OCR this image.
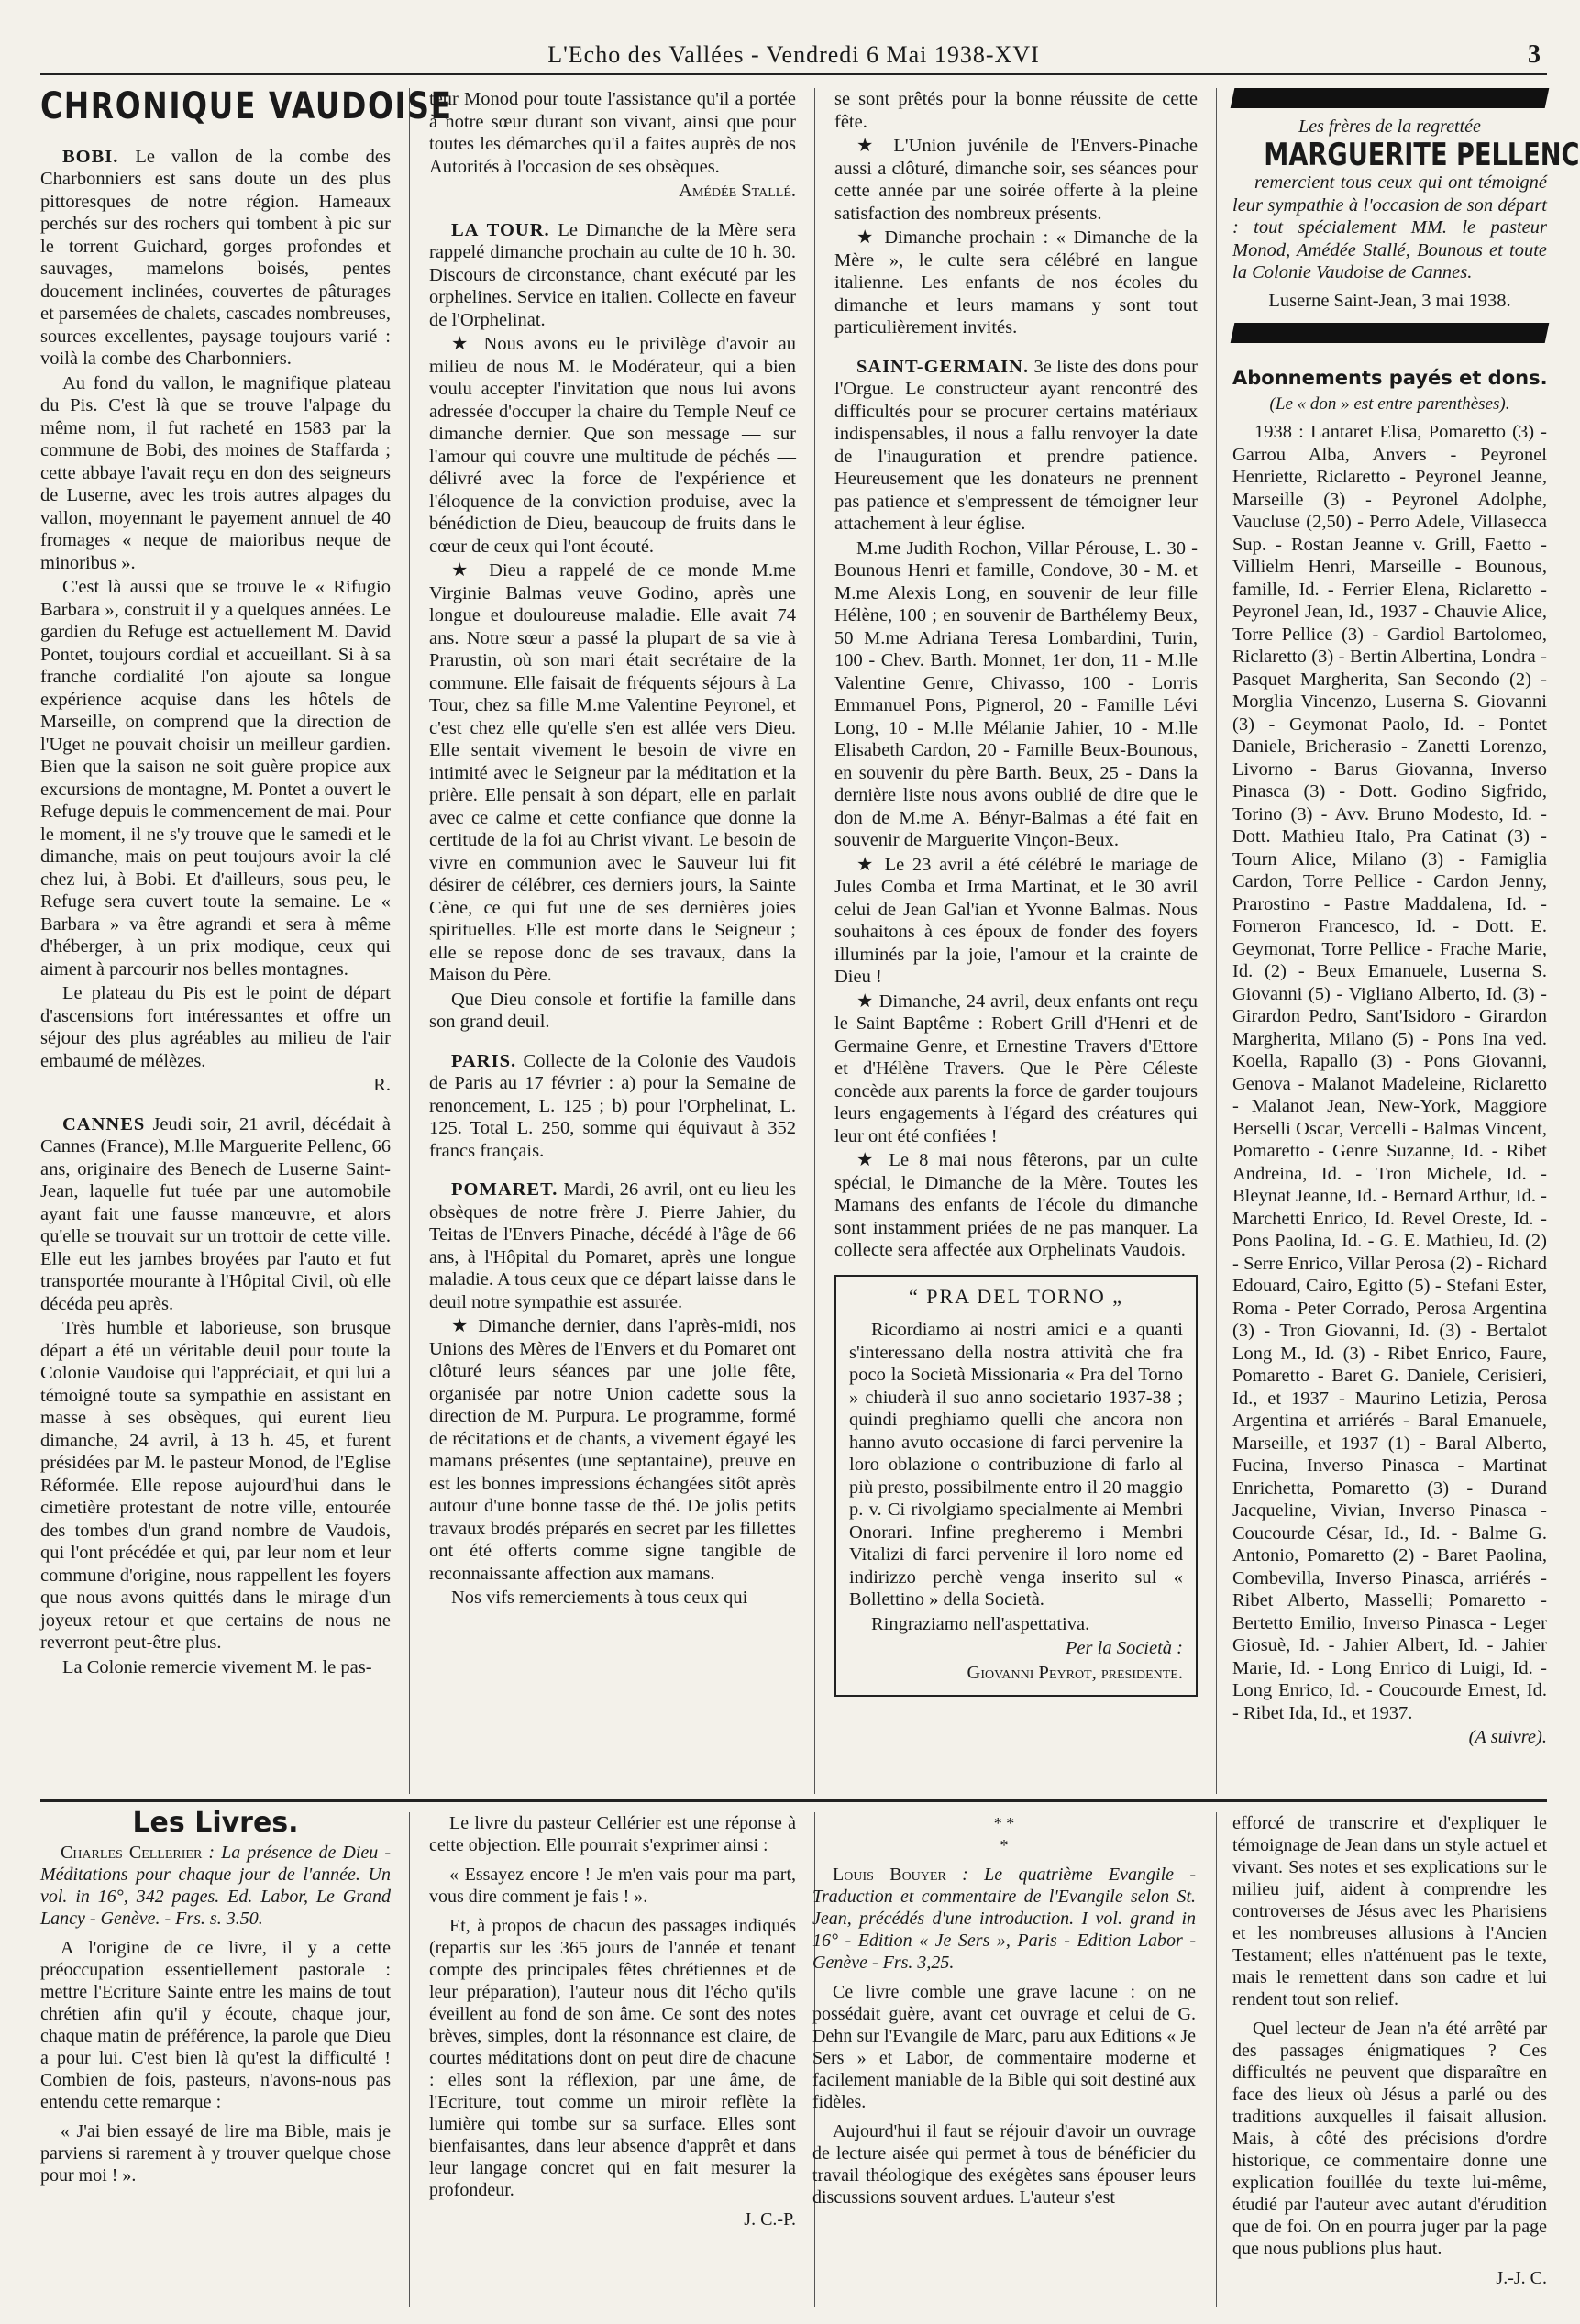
L'Echo des Vallées - Vendredi 6 Mai 1938-XVI	3
CHRONIQUE VAUDOISE

BOBI. Le vallon de la combe des Charbonniers est sans doute un des plus pittoresques de notre région. Hameaux perchés sur des rochers qui tombent à pic sur le torrent Guichard, gorges profondes et sauvages, mamelons boisés, pentes doucement inclinées, couvertes de pâturages et parsemées de chalets, cascades nombreuses, sources excellentes, paysage toujours varié : voilà la combe des Charbonniers.

Au fond du vallon, le magnifique plateau du Pis. C'est là que se trouve l'alpage du même nom, il fut racheté en 1583 par la commune de Bobi, des moines de Staffarda ; cette abbaye l'avait reçu en don des seigneurs de Luserne, avec les trois autres alpages du vallon, moyennant le payement annuel de 40 fromages « neque de maioribus neque de minoribus ».

C'est là aussi que se trouve le « Rifugio Barbara », construit il y a quelques années. Le gardien du Refuge est actuellement M. David Pontet, toujours cordial et accueillant. Si à sa franche cordialité l'on ajoute sa longue expérience acquise dans les hôtels de Marseille, on comprend que la direction de l'Uget ne pouvait choisir un meilleur gardien. Bien que la saison ne soit guère propice aux excursions de montagne, M. Pontet a ouvert le Refuge depuis le commencement de mai. Pour le moment, il ne s'y trouve que le samedi et le dimanche, mais on peut toujours avoir la clé chez lui, à Bobi. Et d'ailleurs, sous peu, le Refuge sera cuvert toute la semaine. Le « Barbara » va être agrandi et sera à même d'héberger, à un prix modique, ceux qui aiment à parcourir nos belles montagnes.

Le plateau du Pis est le point de départ d'ascensions fort intéressantes et offre un séjour des plus agréables au milieu de l'air embaumé de mélèzes.

R.

CANNES Jeudi soir, 21 avril, décédait à Cannes (France), M.lle Marguerite Pellenc, 66 ans, originaire des Benech de Luserne Saint-Jean, laquelle fut tuée par une automobile ayant fait une fausse manœuvre, et alors qu'elle se trouvait sur un trottoir de cette ville. Elle eut les jambes broyées par l'auto et fut transportée mourante à l'Hôpital Civil, où elle décéda peu après.

Très humble et laborieuse, son brusque départ a été un véritable deuil pour toute la Colonie Vaudoise qui l'appréciait, et qui lui a témoigné toute sa sympathie en assistant en masse à ses obsèques, qui eurent lieu dimanche, 24 avril, à 13 h. 45, et furent présidées par M. le pasteur Monod, de l'Eglise Réformée. Elle repose aujourd'hui dans le cimetière protestant de notre ville, entourée des tombes d'un grand nombre de Vaudois, qui l'ont précédée et qui, par leur nom et leur commune d'origine, nous rappellent les foyers que nous avons quittés dans le mirage d'un joyeux retour et que certains de nous ne reverront peut-être plus.

La Colonie remercie vivement M. le pas-

teur Monod pour toute l'assistance qu'il a portée à notre sœur durant son vivant, ainsi que pour toutes les démarches qu'il a faites auprès de nos Autorités à l'occasion de ses obsèques.

Amédée Stallé.

LA TOUR. Le Dimanche de la Mère sera rappelé dimanche prochain au culte de 10 h. 30. Discours de circonstance, chant exécuté par les orphelines. Service en italien. Collecte en faveur de l'Orphelinat.

★ Nous avons eu le privilège d'avoir au milieu de nous M. le Modérateur, qui a bien voulu accepter l'invitation que nous lui avons adressée d'occuper la chaire du Temple Neuf ce dimanche dernier. Que son message — sur l'amour qui couvre une multitude de péchés — délivré avec la force de l'expérience et l'éloquence de la conviction produise, avec la bénédiction de Dieu, beaucoup de fruits dans le cœur de ceux qui l'ont écouté.

★ Dieu a rappelé de ce monde M.me Virginie Balmas veuve Godino, après une longue et douloureuse maladie. Elle avait 74 ans. Notre sœur a passé la plupart de sa vie à Prarustin, où son mari était secrétaire de la commune. Elle faisait de fréquents séjours à La Tour, chez sa fille M.me Valentine Peyronel, et c'est chez elle qu'elle s'en est allée vers Dieu. Elle sentait vivement le besoin de vivre en intimité avec le Seigneur par la méditation et la prière. Elle pensait à son départ, elle en parlait avec ce calme et cette confiance que donne la certitude de la foi au Christ vivant. Le besoin de vivre en communion avec le Sauveur lui fit désirer de célébrer, ces derniers jours, la Sainte Cène, ce qui fut une de ses dernières joies spirituelles. Elle est morte dans le Seigneur ; elle se repose donc de ses travaux, dans la Maison du Père.

Que Dieu console et fortifie la famille dans son grand deuil.

PARIS. Collecte de la Colonie des Vaudois de Paris au 17 février : a) pour la Semaine de renoncement, L. 125 ; b) pour l'Orphelinat, L. 125. Total L. 250, somme qui équivaut à 352 francs français.

POMARET. Mardi, 26 avril, ont eu lieu les obsèques de notre frère J. Pierre Jahier, du Teitas de l'Envers Pinache, décédé à l'âge de 66 ans, à l'Hôpital du Pomaret, après une longue maladie. A tous ceux que ce départ laisse dans le deuil notre sympathie est assurée.

★ Dimanche dernier, dans l'après-midi, nos Unions des Mères de l'Envers et du Pomaret ont clôturé leurs séances par une jolie fête, organisée par notre Union cadette sous la direction de M. Purpura. Le programme, formé de récitations et de chants, a vivement égayé les mamans présentes (une septantaine), preuve en est les bonnes impressions échangées sitôt après autour d'une bonne tasse de thé. De jolis petits travaux brodés préparés en secret par les fillettes ont été offerts comme signe tangible de reconnaissante affection aux mamans.

Nos vifs remerciements à tous ceux qui

se sont prêtés pour la bonne réussite de cette fête.

★ L'Union juvénile de l'Envers-Pinache aussi a clôturé, dimanche soir, ses séances pour cette année par une soirée offerte à la pleine satisfaction des nombreux présents.

★ Dimanche prochain : « Dimanche de la Mère », le culte sera célébré en langue italienne. Les enfants de nos écoles du dimanche et leurs mamans y sont tout particulièrement invités.

SAINT-GERMAIN. 3e liste des dons pour l'Orgue. Le constructeur ayant rencontré des difficultés pour se procurer certains matériaux indispensables, il nous a fallu renvoyer la date de l'inauguration et prendre patience. Heureusement que les donateurs ne prennent pas patience et s'empressent de témoigner leur attachement à leur église.

M.me Judith Rochon, Villar Pérouse, L. 30 - Bounous Henri et famille, Condove, 30 - M. et M.me Alexis Long, en souvenir de leur fille Hélène, 100 ; en souvenir de Barthélemy Beux, 50 M.me Adriana Teresa Lombardini, Turin, 100 - Chev. Barth. Monnet, 1er don, 11 - M.lle Valentine Genre, Chivasso, 100 - Lorris Emmanuel Pons, Pignerol, 20 - Famille Lévi Long, 10 - M.lle Mélanie Jahier, 10 - M.lle Elisabeth Cardon, 20 - Famille Beux-Bounous, en souvenir du père Barth. Beux, 25 - Dans la dernière liste nous avons oublié de dire que le don de M.me A. Bényr-Balmas a été fait en souvenir de Marguerite Vinçon-Beux.

★ Le 23 avril a été célébré le mariage de Jules Comba et Irma Martinat, et le 30 avril celui de Jean Gal'ian et Yvonne Balmas. Nous souhaitons à ces époux de fonder des foyers illuminés par la joie, l'amour et la crainte de Dieu !

★ Dimanche, 24 avril, deux enfants ont reçu le Saint Baptême : Robert Grill d'Henri et de Germaine Genre, et Ernestine Travers d'Ettore et d'Hélène Travers. Que le Père Céleste concède aux parents la force de garder toujours leurs engagements à l'égard des créatures qui leur ont été confiées !

★ Le 8 mai nous fêterons, par un culte spécial, le Dimanche de la Mère. Toutes les Mamans des enfants de l'école du dimanche sont instamment priées de ne pas manquer. La collecte sera affectée aux Orphelinats Vaudois.

“ PRA DEL TORNO „

Ricordiamo ai nostri amici e a quanti s'interessano della nostra attività che fra poco la Società Missionaria « Pra del Torno » chiuderà il suo anno societario 1937-38 ; quindi preghiamo quelli che ancora non hanno avuto occasione di farci pervenire la loro oblazione o contribuzione di farlo al più presto, possibilmente entro il 20 maggio p. v. Ci rivolgiamo specialmente ai Membri Onorari. Infine pregheremo i Membri Vitalizi di farci pervenire il loro nome ed indirizzo perchè venga inserito sul « Bollettino » della Società.

Ringraziamo nell'aspettativa.

Per la Società :

Giovanni Peyrot, presidente.

Les frères de la regrettée
MARGUERITE PELLENC

remercient tous ceux qui ont témoigné leur sympathie à l'occasion de son départ : tout spécialement MM. le pasteur Monod, Amédée Stallé, Bounous et toute la Colonie Vaudoise de Cannes.

Luserne Saint-Jean, 3 mai 1938.

Abonnements payés et dons.
(Le « don » est entre parenthèses).

1938 : Lantaret Elisa, Pomaretto (3) - Garrou Alba, Anvers - Peyronel Henriette, Riclaretto - Peyronel Jeanne, Marseille (3) - Peyronel Adolphe, Vaucluse (2,50) - Perro Adele, Villasecca Sup. - Rostan Jeanne v. Grill, Faetto - Villielm Henri, Marseille - Bounous, famille, Id. - Ferrier Elena, Riclaretto - Peyronel Jean, Id., 1937 - Chauvie Alice, Torre Pellice (3) - Gardiol Bartolomeo, Riclaretto (3) - Bertin Albertina, Londra - Pasquet Margherita, San Secondo (2) - Morglia Vincenzo, Luserna S. Giovanni (3) - Geymonat Paolo, Id. - Pontet Daniele, Bricherasio - Zanetti Lorenzo, Livorno - Barus Giovanna, Inverso Pinasca (3) - Dott. Godino Sigfrido, Torino (3) - Avv. Bruno Modesto, Id. - Dott. Mathieu Italo, Pra Catinat (3) - Tourn Alice, Milano (3) - Famiglia Cardon, Torre Pellice - Cardon Jenny, Prarostino - Pastre Maddalena, Id. - Forneron Francesco, Id. - Dott. E. Geymonat, Torre Pellice - Frache Marie, Id. (2) - Beux Emanuele, Luserna S. Giovanni (5) - Vigliano Alberto, Id. (3) - Girardon Pedro, Sant'Isidoro - Girardon Margherita, Milano (5) - Pons Ina ved. Koella, Rapallo (3) - Pons Giovanni, Genova - Malanot Madeleine, Riclaretto - Malanot Jean, New-York, Maggiore Berselli Oscar, Vercelli - Balmas Vincent, Pomaretto - Genre Suzanne, Id. - Ribet Andreina, Id. - Tron Michele, Id. - Bleynat Jeanne, Id. - Bernard Arthur, Id. - Marchetti Enrico, Id. Revel Oreste, Id. - Pons Paolina, Id. - G. E. Mathieu, Id. (2) - Serre Enrico, Villar Perosa (2) - Richard Edouard, Cairo, Egitto (5) - Stefani Ester, Roma - Peter Corrado, Perosa Argentina (3) - Tron Giovanni, Id. (3) - Bertalot Long M., Id. (3) - Ribet Enrico, Faure, Pomaretto - Baret G. Daniele, Cerisieri, Id., et 1937 - Maurino Letizia, Perosa Argentina et arriérés - Baral Emanuele, Marseille, et 1937 (1) - Baral Alberto, Fucina, Inverso Pinasca - Martinat Enrichetta, Pomaretto (3) - Durand Jacqueline, Vivian, Inverso Pinasca - Coucourde César, Id., Id. - Balme G. Antonio, Pomaretto (2) - Baret Paolina, Combevilla, Inverso Pinasca, arriérés - Ribet Alberto, Masselli; Pomaretto - Bertetto Emilio, Inverso Pinasca - Leger Giosuè, Id. - Jahier Albert, Id. - Jahier Marie, Id. - Long Enrico di Luigi, Id. - Long Enrico, Id. - Coucourde Ernest, Id. - Ribet Ida, Id., et 1937.

(A suivre).

Les Livres.

Charles Cellerier : La présence de Dieu - Méditations pour chaque jour de l'année. Un vol. in 16°, 342 pages. Ed. Labor, Le Grand Lancy - Genève. - Frs. s. 3.50.

A l'origine de ce livre, il y a cette préoccupation essentiellement pastorale : mettre l'Ecriture Sainte entre les mains de tout chrétien afin qu'il y écoute, chaque jour, chaque matin de préférence, la parole que Dieu a pour lui. C'est bien là qu'est la difficulté ! Combien de fois, pasteurs, n'avons-nous pas entendu cette remarque :

« J'ai bien essayé de lire ma Bible, mais je parviens si rarement à y trouver quelque chose pour moi ! ».

Le livre du pasteur Cellérier est une réponse à cette objection. Elle pourrait s'exprimer ainsi :

« Essayez encore ! Je m'en vais pour ma part, vous dire comment je fais ! ».

Et, à propos de chacun des passages indiqués (repartis sur les 365 jours de l'année et tenant compte des principales fêtes chrétiennes et de leur préparation), l'auteur nous dit l'écho qu'ils éveillent au fond de son âme. Ce sont des notes brèves, simples, dont la résonnance est claire, de courtes méditations dont on peut dire de chacune : elles sont la réflexion, par une âme, de l'Ecriture, tout comme un miroir reflète la lumière qui tombe sur sa surface. Elles sont bienfaisantes, dans leur absence d'apprêt et dans leur langage concret qui en fait mesurer la profondeur.

J. C.-P.

* *
*

Louis Bouyer : Le quatrième Evangile - Traduction et commentaire de l'Evangile selon St. Jean, précédés d'une introduction. I vol. grand in 16° - Edition « Je Sers », Paris - Edition Labor - Genève - Frs. 3,25.

Ce livre comble une grave lacune : on ne possédait guère, avant cet ouvrage et celui de G. Dehn sur l'Evangile de Marc, paru aux Editions « Je Sers » et Labor, de commentaire moderne et facilement maniable de la Bible qui soit destiné aux fidèles.

Aujourd'hui il faut se réjouir d'avoir un ouvrage de lecture aisée qui permet à tous de bénéficier du travail théologique des exégètes sans épouser leurs discussions souvent ardues. L'auteur s'est

efforcé de transcrire et d'expliquer le témoignage de Jean dans un style actuel et vivant. Ses notes et ses explications sur le milieu juif, aident à comprendre les controverses de Jésus avec les Pharisiens et les nombreuses allusions à l'Ancien Testament; elles n'atténuent pas le texte, mais le remettent dans son cadre et lui rendent tout son relief.

Quel lecteur de Jean n'a été arrêté par des passages énigmatiques ? Ces difficultés ne peuvent que disparaître en face des lieux où Jésus a parlé ou des traditions auxquelles il faisait allusion. Mais, à côté des précisions d'ordre historique, ce commentaire donne une explication fouillée du texte lui-même, étudié par l'auteur avec autant d'érudition que de foi. On en pourra juger par la page que nous publions plus haut.

J.-J. C.
